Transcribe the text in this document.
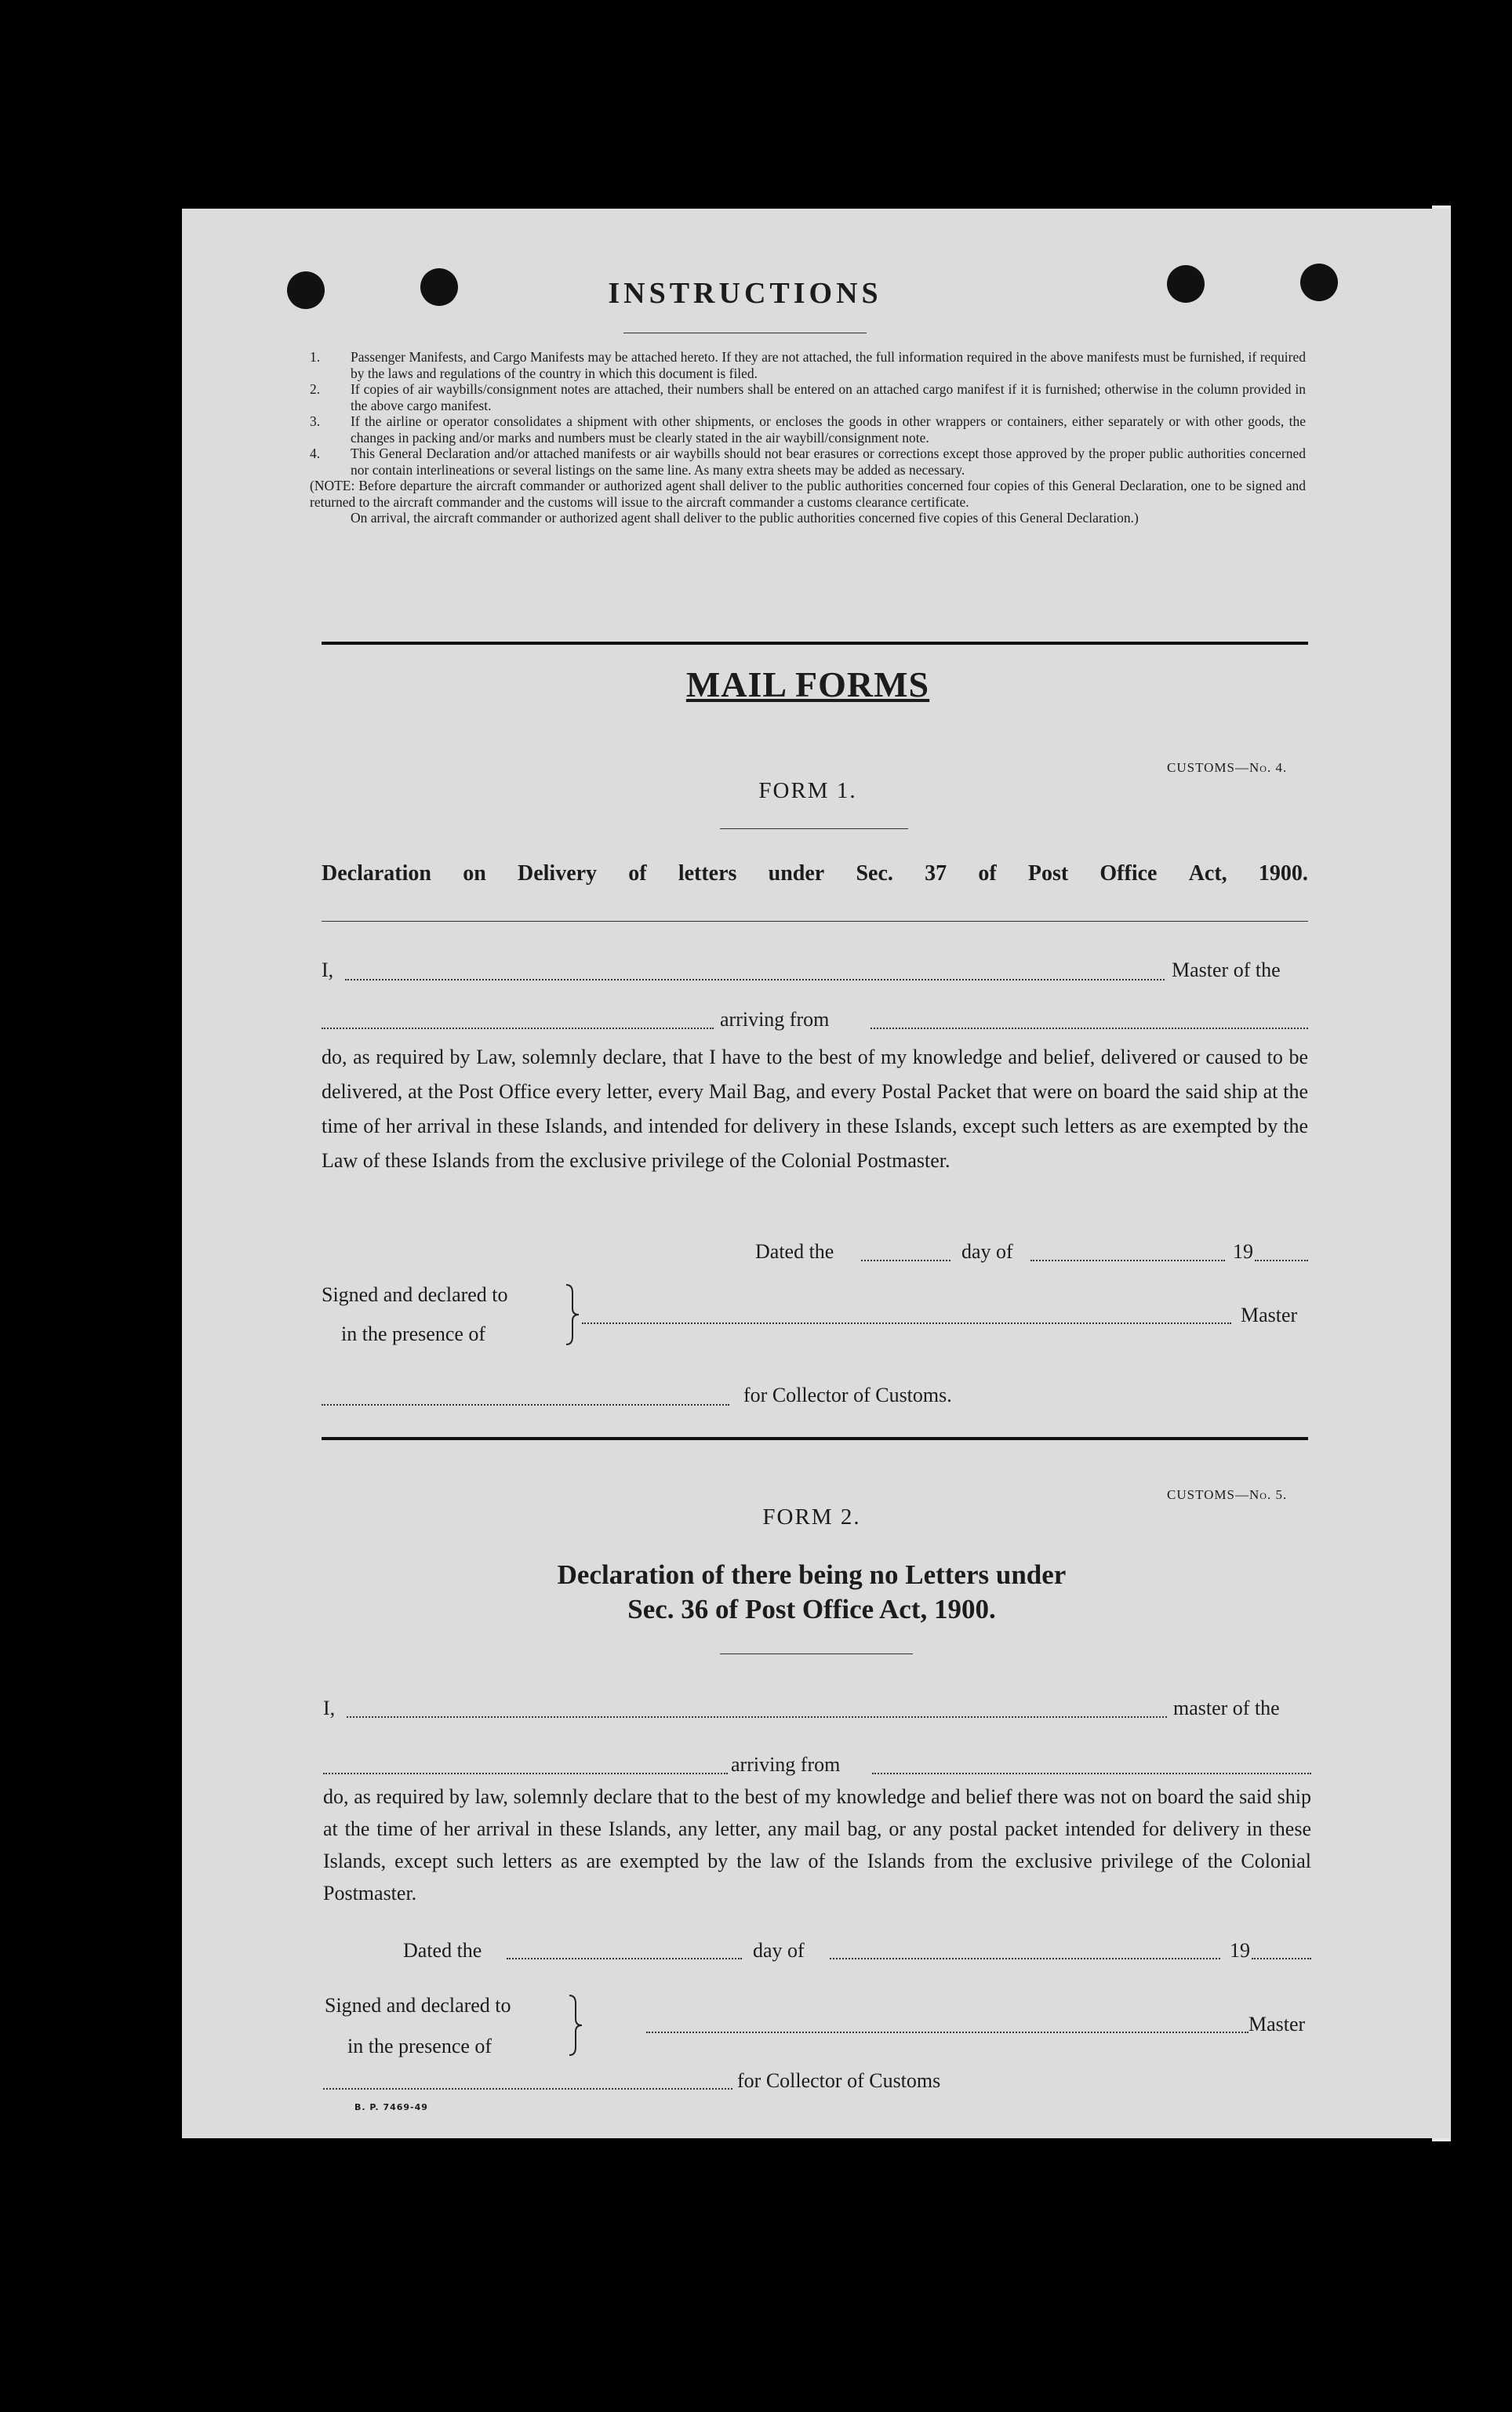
INSTRUCTIONS
1.	Passenger Manifests, and Cargo Manifests may be attached hereto. If they are not attached, the full information required in the above manifests must be furnished, if required by the laws and regulations of the country in which this document is filed.
2.	If copies of air waybills/consignment notes are attached, their numbers shall be entered on an attached cargo manifest if it is furnished; otherwise in the column provided in the above cargo manifest.
3.	If the airline or operator consolidates a shipment with other shipments, or encloses the goods in other wrappers or containers, either separately or with other goods, the changes in packing and/or marks and numbers must be clearly stated in the air waybill/consignment note.
4.	This General Declaration and/or attached manifests or air waybills should not bear erasures or corrections except those approved by the proper public authorities concerned nor contain interlineations or several listings on the same line. As many extra sheets may be added as necessary.
(NOTE: Before departure the aircraft commander or authorized agent shall deliver to the public authorities concerned four copies of this General Declaration, one to be signed and returned to the aircraft commander and the customs will issue to the aircraft commander a customs clearance certificate.
On arrival, the aircraft commander or authorized agent shall deliver to the public authorities concerned five copies of this General Declaration.)
MAIL FORMS
CUSTOMS—No. 4.
FORM 1.
Declaration on Delivery of letters under Sec. 37 of Post Office Act, 1900.
I,	Master of the
arriving from
do, as required by Law, solemnly declare, that I have to the best of my knowledge and belief, delivered or caused to be delivered, at the Post Office every letter, every Mail Bag, and every Postal Packet that were on board the said ship at the time of her arrival in these Islands, and intended for delivery in these Islands, except such letters as are exempted by the Law of these Islands from the exclusive privilege of the Colonial Postmaster.
Dated the	day of	19
Signed and declared to
in the presence of
Master
for Collector of Customs.
CUSTOMS—No. 5.
FORM 2.
Declaration of there being no Letters under
Sec. 36 of Post Office Act, 1900.
I,	master of the
arriving from
do, as required by law, solemnly declare that to the best of my knowledge and belief there was not on board the said ship at the time of her arrival in these Islands, any letter, any mail bag, or any postal packet intended for delivery in these Islands, except such letters as are exempted by the law of the Islands from the exclusive privilege of the Colonial Postmaster.
Dated the	day of	19
Signed and declared to
in the presence of
Master
for Collector of Customs
B. P. 7469-49
